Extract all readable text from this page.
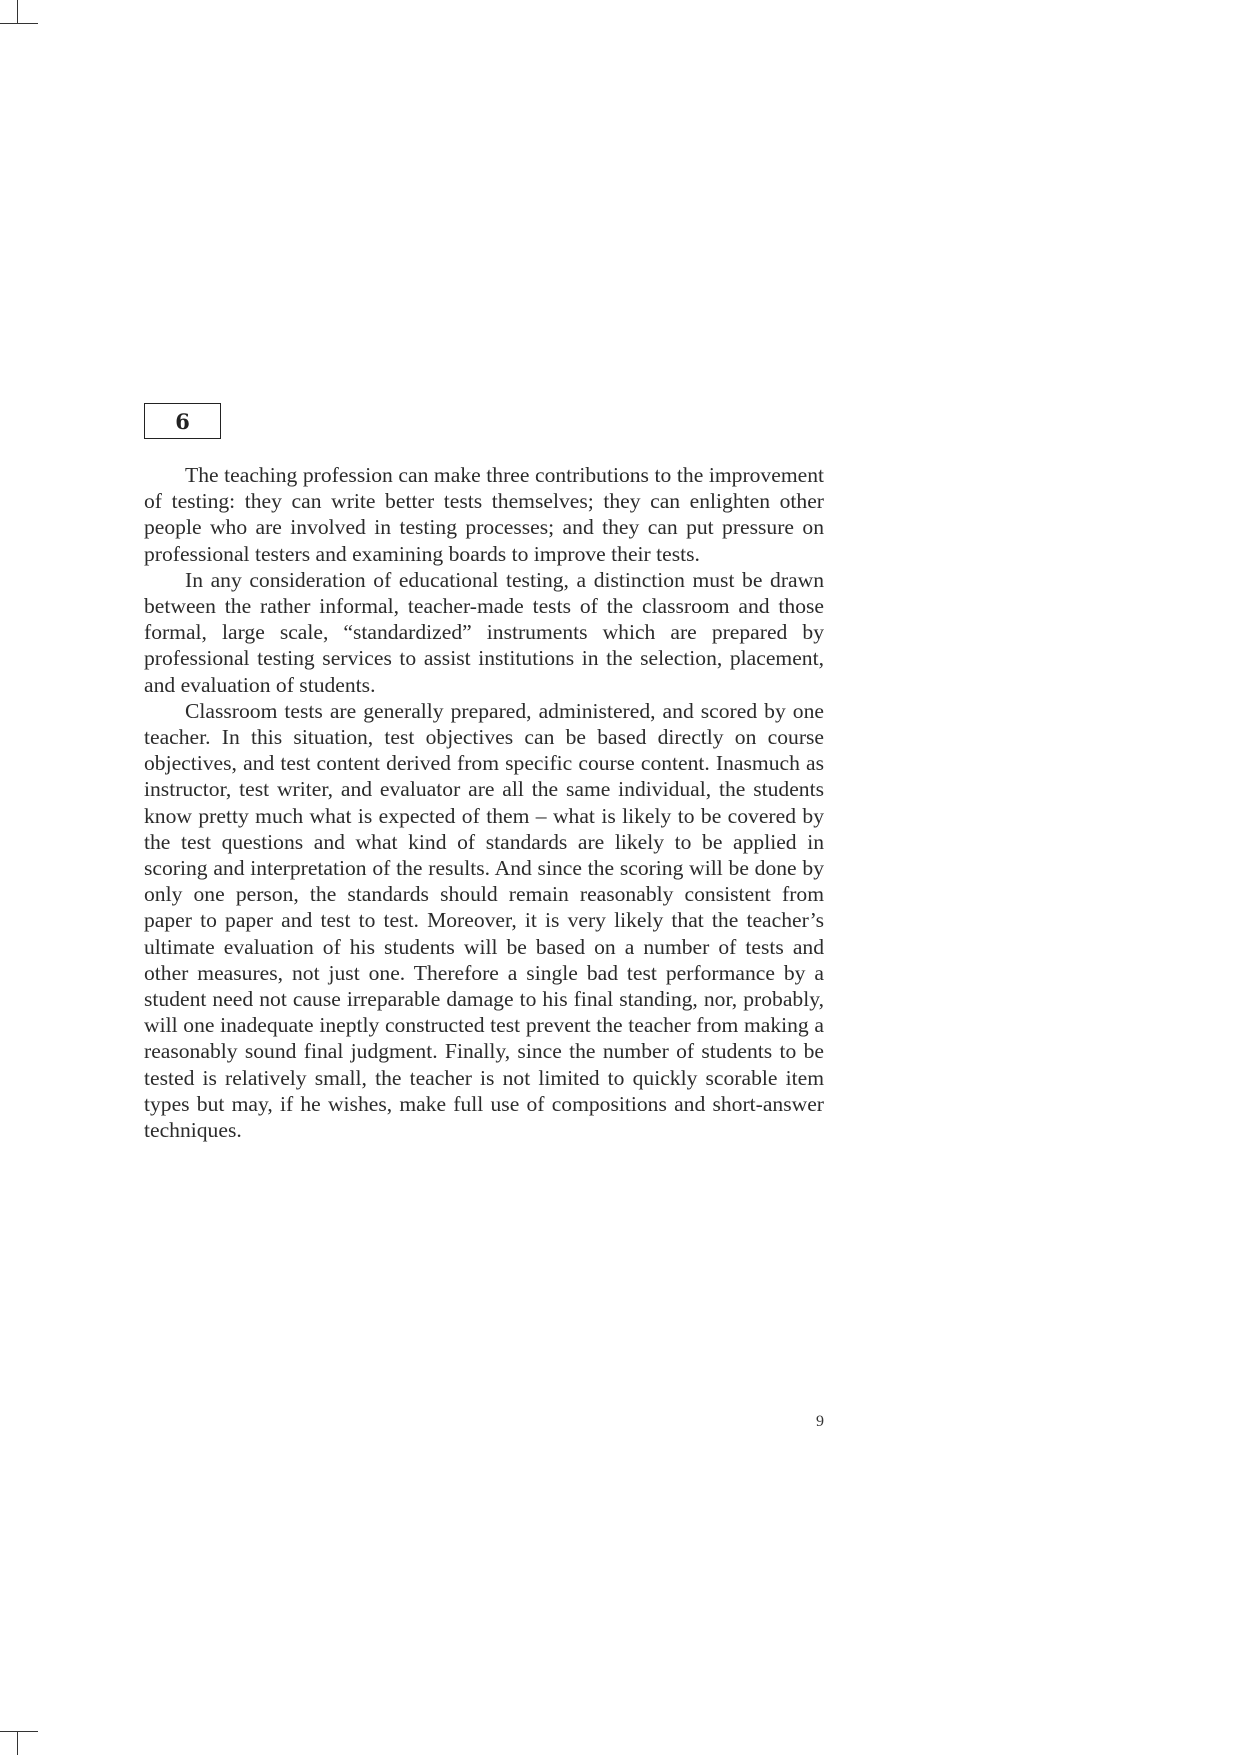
6

The teaching profession can make three contributions to the improvement of testing: they can write better tests themselves; they can enlighten other people who are involved in testing processes; and they can put pressure on professional testers and examining boards to improve their tests.

In any consideration of educational testing, a distinction must be drawn between the rather informal, teacher-made tests of the classroom and those formal, large scale, “standardized” instruments which are prepared by professional testing services to assist institutions in the selection, placement, and evaluation of students.

Classroom tests are generally prepared, administered, and scored by one teacher. In this situation, test objectives can be based directly on course objectives, and test content derived from specific course content. Inasmuch as instructor, test writer, and evaluator are all the same individual, the students know pretty much what is expected of them – what is likely to be covered by the test questions and what kind of standards are likely to be applied in scoring and interpretation of the results. And since the scoring will be done by only one person, the standards should remain reasonably consistent from paper to paper and test to test. Moreover, it is very likely that the teacher’s ultimate evaluation of his students will be based on a number of tests and other measures, not just one. Therefore a single bad test performance by a student need not cause irreparable damage to his final standing, nor, probably, will one inadequate ineptly constructed test prevent the teacher from making a reasonably sound final judgment. Finally, since the number of students to be tested is relatively small, the teacher is not limited to quickly scorable item types but may, if he wishes, make full use of compositions and short-answer techniques.

9
